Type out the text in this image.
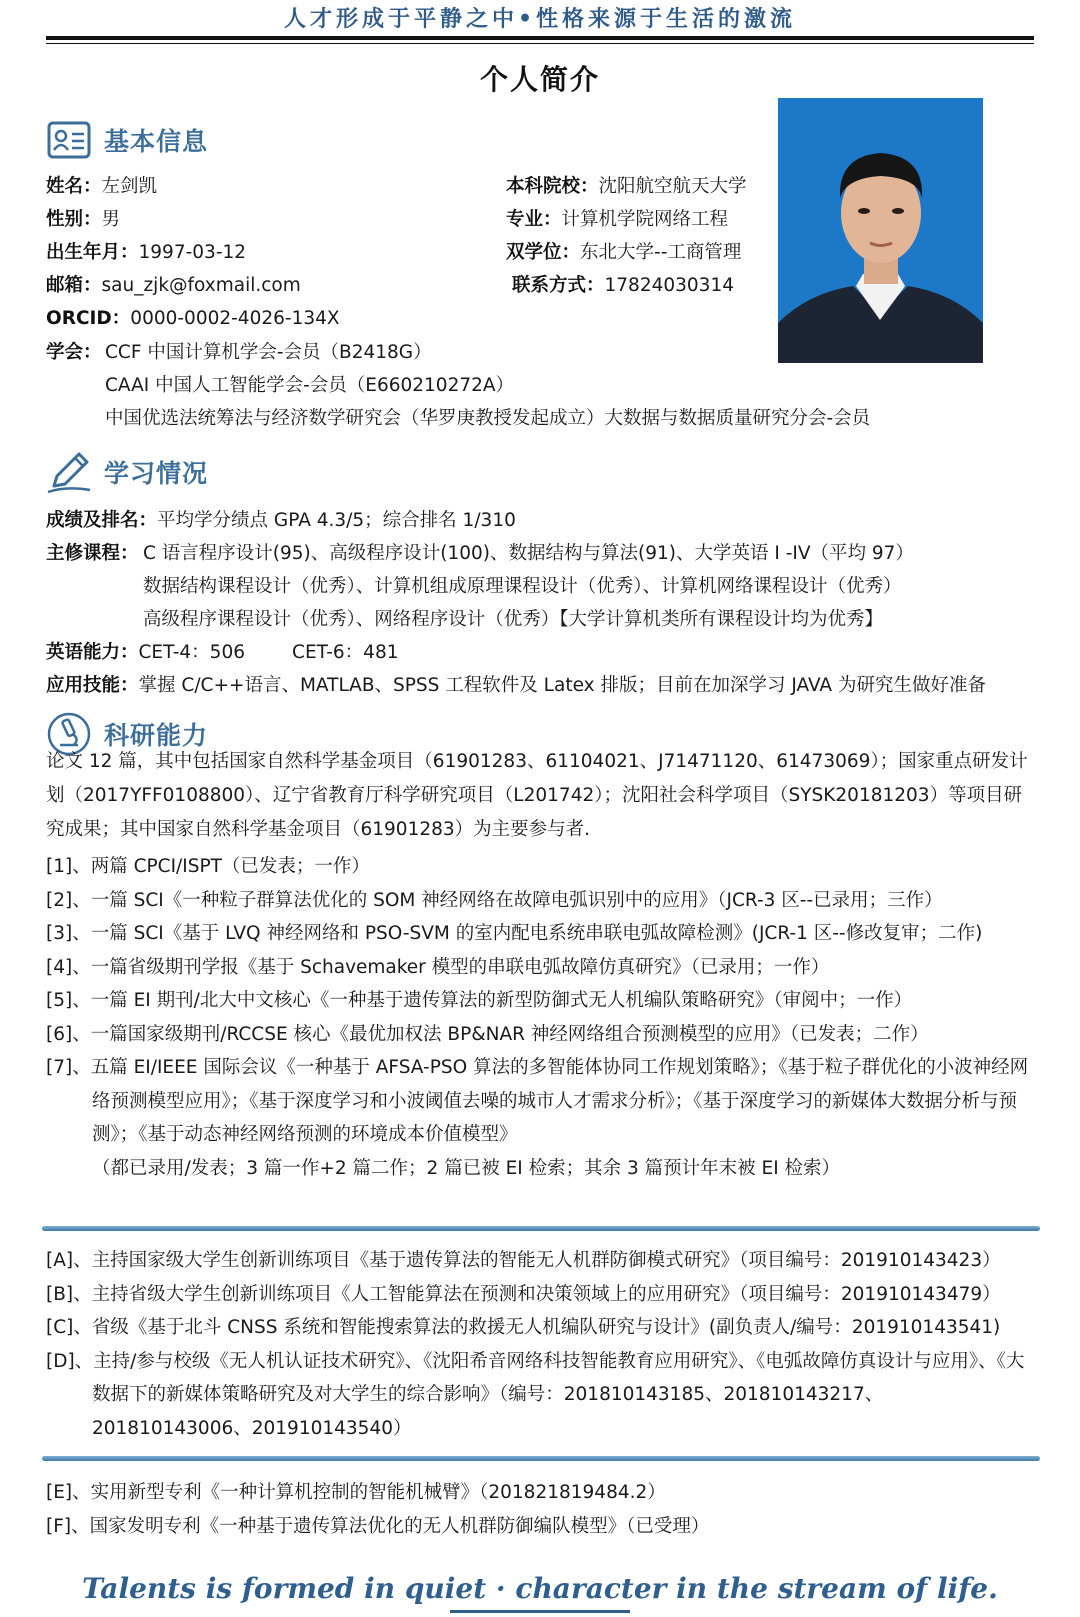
人才形成于平静之中•性格来源于生活的激流
个人简介
基本信息
姓名：左剑凯
性别：男
出生年月：1997-03-12
邮箱：sau_zjk@foxmail.com
ORCID：0000-0002-4026-134X
本科院校：沈阳航空航天大学
专业：计算机学院网络工程
双学位：东北大学--工商管理
联系方式：17824030314
学会： CCF 中国计算机学会-会员（B2418G）
CAAI 中国人工智能学会-会员（E660210272A）
中国优选法统筹法与经济数学研究会（华罗庚教授发起成立）大数据与数据质量研究分会-会员
学习情况
成绩及排名：平均学分绩点 GPA 4.3/5；综合排名 1/310
主修课程： C 语言程序设计(95)、高级程序设计(100)、数据结构与算法(91)、大学英语 I -IV（平均 97）
数据结构课程设计（优秀）、计算机组成原理课程设计（优秀）、计算机网络课程设计（优秀）
高级程序课程设计（优秀）、网络程序设计（优秀）【大学计算机类所有课程设计均为优秀】
英语能力：CET-4：506        CET-6：481
应用技能：掌握 C/C++语言、MATLAB、SPSS 工程软件及 Latex 排版；目前在加深学习 JAVA 为研究生做好准备
科研能力
论文 12 篇，其中包括国家自然科学基金项目（61901283、61104021、J71471120、61473069）；国家重点研发计划（2017YFF0108800）、辽宁省教育厅科学研究项目（L201742）；沈阳社会科学项目（SYSK20181203）等项目研究成果；其中国家自然科学基金项目（61901283）为主要参与者.
[1]、两篇 CPCI/ISPT（已发表；一作）
[2]、一篇 SCI《一种粒子群算法优化的 SOM 神经网络在故障电弧识别中的应用》（JCR-3 区--已录用；三作）
[3]、一篇 SCI《基于 LVQ 神经网络和 PSO-SVM 的室内配电系统串联电弧故障检测》(JCR-1 区--修改复审；二作)
[4]、一篇省级期刊学报《基于 Schavemaker 模型的串联电弧故障仿真研究》（已录用；一作）
[5]、一篇 EI 期刊/北大中文核心《一种基于遗传算法的新型防御式无人机编队策略研究》（审阅中；一作）
[6]、一篇国家级期刊/RCCSE 核心《最优加权法 BP&NAR 神经网络组合预测模型的应用》（已发表；二作）
[7]、五篇 EI/IEEE 国际会议《一种基于 AFSA-PSO 算法的多智能体协同工作规划策略》；《基于粒子群优化的小波神经网络预测模型应用》；《基于深度学习和小波阈值去噪的城市人才需求分析》；《基于深度学习的新媒体大数据分析与预测》；《基于动态神经网络预测的环境成本价值模型》
（都已录用/发表；3 篇一作+2 篇二作；2 篇已被 EI 检索；其余 3 篇预计年末被 EI 检索）
[A]、主持国家级大学生创新训练项目《基于遗传算法的智能无人机群防御模式研究》（项目编号：201910143423）
[B]、主持省级大学生创新训练项目《人工智能算法在预测和决策领域上的应用研究》（项目编号：201910143479）
[C]、省级《基于北斗 CNSS 系统和智能搜索算法的救援无人机编队研究与设计》(副负责人/编号：201910143541)
[D]、主持/参与校级《无人机认证技术研究》、《沈阳希音网络科技智能教育应用研究》、《电弧故障仿真设计与应用》、《大数据下的新媒体策略研究及对大学生的综合影响》（编号：201810143185、201810143217、201810143006、201910143540）
[E]、实用新型专利《一种计算机控制的智能机械臂》（201821819484.2）
[F]、国家发明专利《一种基于遗传算法优化的无人机群防御编队模型》（已受理）
Talents is formed in quiet · character in the stream of life.
